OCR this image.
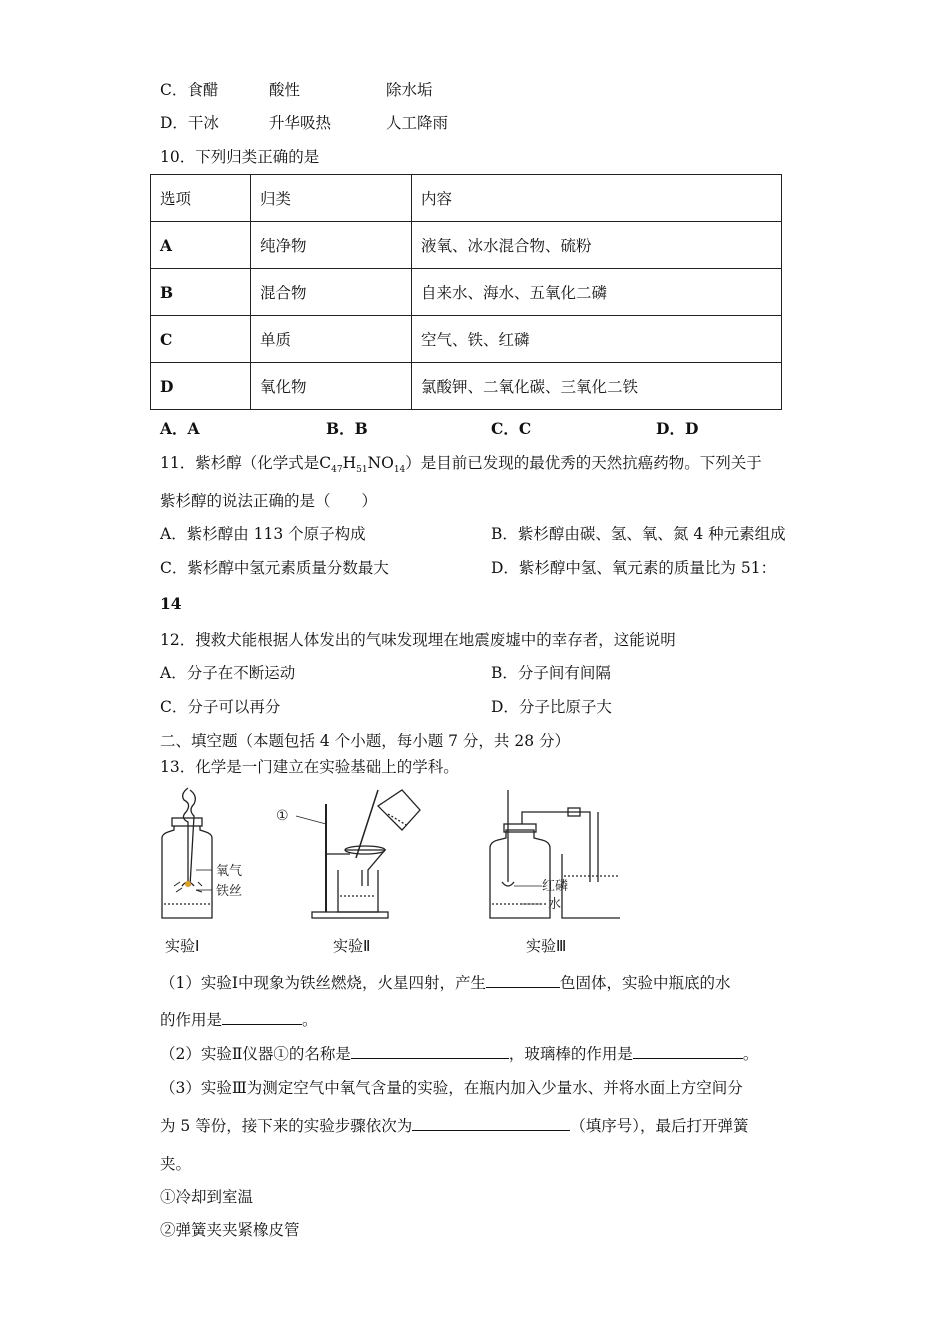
C．食醋	酸性	除水垢
D．干冰	升华吸热	人工降雨
10．下列归类正确的是
选项	归类	内容
A	纯净物	液氧、冰水混合物、硫粉
B	混合物	自来水、海水、五氧化二磷
C	单质	空气、铁、红磷
D	氧化物	氯酸钾、二氧化碳、三氧化二铁
A．A	B．B	C．C	D．D
11．紫杉醇（化学式是$C_{47}H_{51}NO_{14}$）是目前已发现的最优秀的天然抗癌药物。下列关于
紫杉醇的说法正确的是（　　）
A．紫杉醇由 113 个原子构成	B．紫杉醇由碳、氢、氧、氮 4 种元素组成
C．紫杉醇中氢元素质量分数最大	D．紫杉醇中氢、氧元素的质量比为 51：
14
12．搜救犬能根据人体发出的气味发现埋在地震废墟中的幸存者，这能说明
A．分子在不断运动	B．分子间有间隔
C．分子可以再分	D．分子比原子大
二、填空题（本题包括 4 个小题，每小题 7 分，共 28 分）
13．化学是一门建立在实验基础上的学科。
氧气
铁丝
①
红磷
水
实验Ⅰ	实验Ⅱ	实验Ⅲ
（1）实验Ⅰ中现象为铁丝燃烧，火星四射，产生	色固体，实验中瓶底的水
的作用是	。
（2）实验Ⅱ仪器①的名称是	，玻璃棒的作用是	。
（3）实验Ⅲ为测定空气中氧气含量的实验，在瓶内加入少量水、并将水面上方空间分
为 5 等份，接下来的实验步骤依次为	（填序号），最后打开弹簧
夹。
①冷却到室温
②弹簧夹夹紧橡皮管
